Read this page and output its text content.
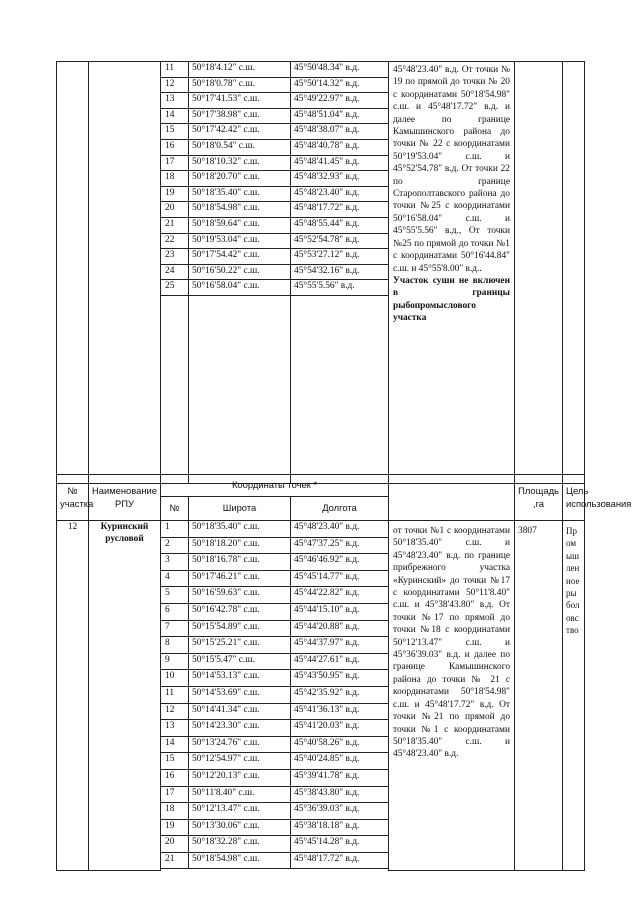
		11	50°18'4.12" с.ш.	45°50'48.34" в.д.	45°48'23.40" в.д. От точки № 19 по прямой до точки № 20 с координатами 50°18'54.98" с.ш. и 45°48'17.72" в.д. и далее по границе Камышинского района до точки № 22 с координатами 50°19'53.04" с.ш. и 45°52'54.78" в.д. От точки 22 по границе Старополтавского района до точки №25 с координатами 50°16'58.04" с.ш. и 45°55'5.56" в.д., От точки №25 по прямой до точки №1 с координатами 50°16'44.84" с.ш. и 45°55'8.00" в.д..

Участок суши не включен в границы рыбопромыслового участка		

		12	50°18'0.78" с.ш.	45°50'14.32" в.д.			
		13	50°17'41.53" с.ш.	45°49'22.97" в.д.			
		14	50°17'38.98" с.ш.	45°48'51.04" в.д.			
		15	50°17'42.42" с.ш.	45°48'38.07" в.д.			
		16	50°18'0.54" с.ш.	45°48'40.78" в.д.			
		17	50°18'10.32" с.ш.	45°48'41.45" в.д.			
		18	50°18'20.70" с.ш.	45°48'32.93" в.д.			
		19	50°18'35.40" с.ш.	45°48'23.40" в.д.			
		20	50°18'54.98" с.ш.	45°48'17.72" в.д.			
		21	50°18'59.64" с.ш.	45°48'55.44" в.д.			
		22	50°19'53.04" с.ш.	45°52'54.78" в.д.			
		23	50°17'54.42" с.ш.	45°53'27.12" в.д.			
		24	50°16'50.22" с.ш.	45°54'32.16" в.д.			
		25	50°16'58.04" с.ш.	45°55'5.56" в.д.			

№ участка	Наименование РПУ	Координаты точек *				Площадь ,га	Цель использования
		№	Широта	Долгота			
12	Куринский русловой	1	50°18'35.40" с.ш.	45°48'23.40" в.д.	от точки №1 с координатами 50°18'35.40" с.ш. и 45°48'23.40" в.д. по границе прибрежного участка «Куринский» до точки №17 с координатами 50°11'8.40" с.ш. и 45°38'43.80" в.д. От точки №17 по прямой до точки №18 с координатами 50°12'13.47" с.ш. и 45°36'39.03" в.д. и далее по границе Камышинского района до точки № 21 с координатами 50°18'54.98" с.ш. и 45°48'17.72" в.д. От точки №21 по прямой до точки №1 с координатами 50°18'35.40" с.ш. и 45°48'23.40" в.д.	3807	Промышленное рыболовство
		2	50°18'18.20" с.ш.	45°47'37.25" в.д.			
		3	50°18'16.78" с.ш.	45°46'46.92" в.д.			
		4	50°17'46.21" с.ш.	45°45'14.77" в.д.			
		5	50°16'59.63" с.ш.	45°44'22.82" в.д.			
		6	50°16'42.78" с.ш.	45°44'15.10" в.д.			
		7	50°15'54.89" с.ш.	45°44'20.88" в.д.			
		8	50°15'25.21" с.ш.	45°44'37.97" в.д.			
		9	50°15'5.47" с.ш.	45°44'27.61" в.д.			
		10	50°14'53.13" с.ш.	45°43'50.95" в.д.			
		11	50°14'53.69" с.ш.	45°42'35.92" в.д.			
		12	50°14'41.34" с.ш.	45°41'36.13" в.д.			
		13	50°14'23.30" с.ш.	45°41'20.03" в.д.			
		14	50°13'24.76" с.ш.	45°40'58.26" в.д.			
		15	50°12'54.97" с.ш.	45°40'24.85" в.д.			
		16	50°12'20.13" с.ш.	45°39'41.78" в.д.			
		17	50°11'8.40" с.ш.	45°38'43.80" в.д.			
		18	50°12'13.47" с.ш.	45°36'39.03" в.д.			
		19	50°13'30.06" с.ш.	45°38'18.18" в.д.			
		20	50°18'32.28" с.ш.	45°45'14.28" в.д.			
		21	50°18'54.98" с.ш.	45°48'17.72" в.д.			
